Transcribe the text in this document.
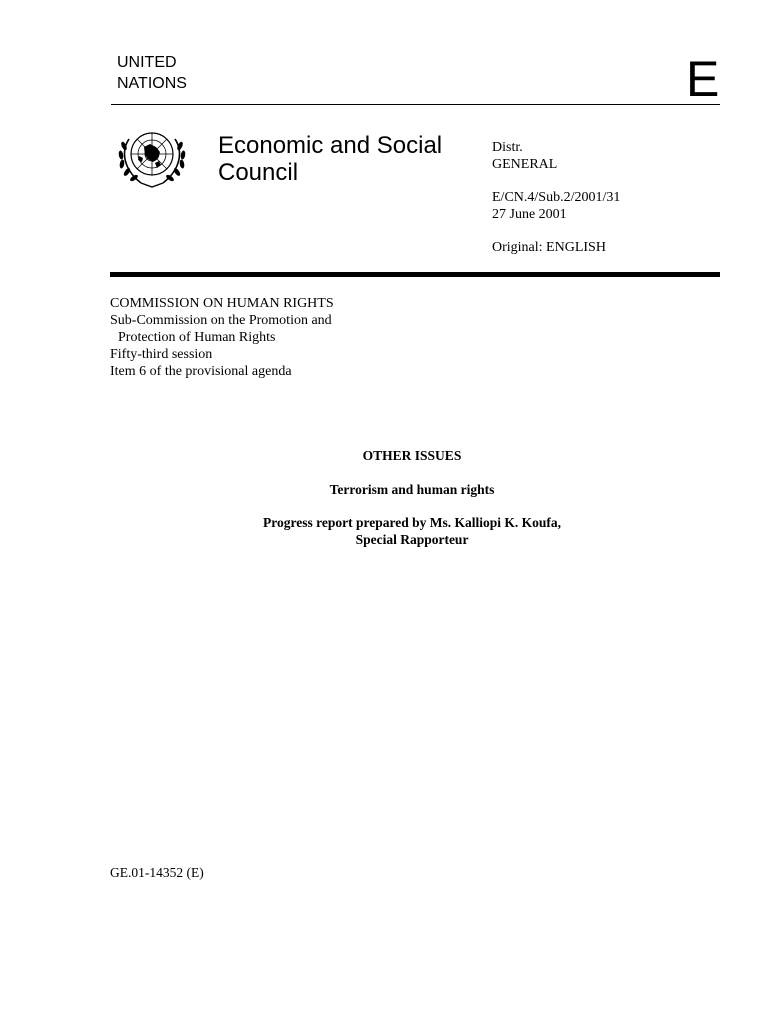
UNITED
NATIONS	E
Economic and Social
Council
Distr.
GENERAL
E/CN.4/Sub.2/2001/31
27 June 2001
Original: ENGLISH
COMMISSION ON HUMAN RIGHTS
Sub-Commission on the Promotion and
Protection of Human Rights
Fifty-third session
Item 6 of the provisional agenda
OTHER ISSUES
Terrorism and human rights
Progress report prepared by Ms. Kalliopi K. Koufa,
Special Rapporteur
GE.01-14352 (E)
